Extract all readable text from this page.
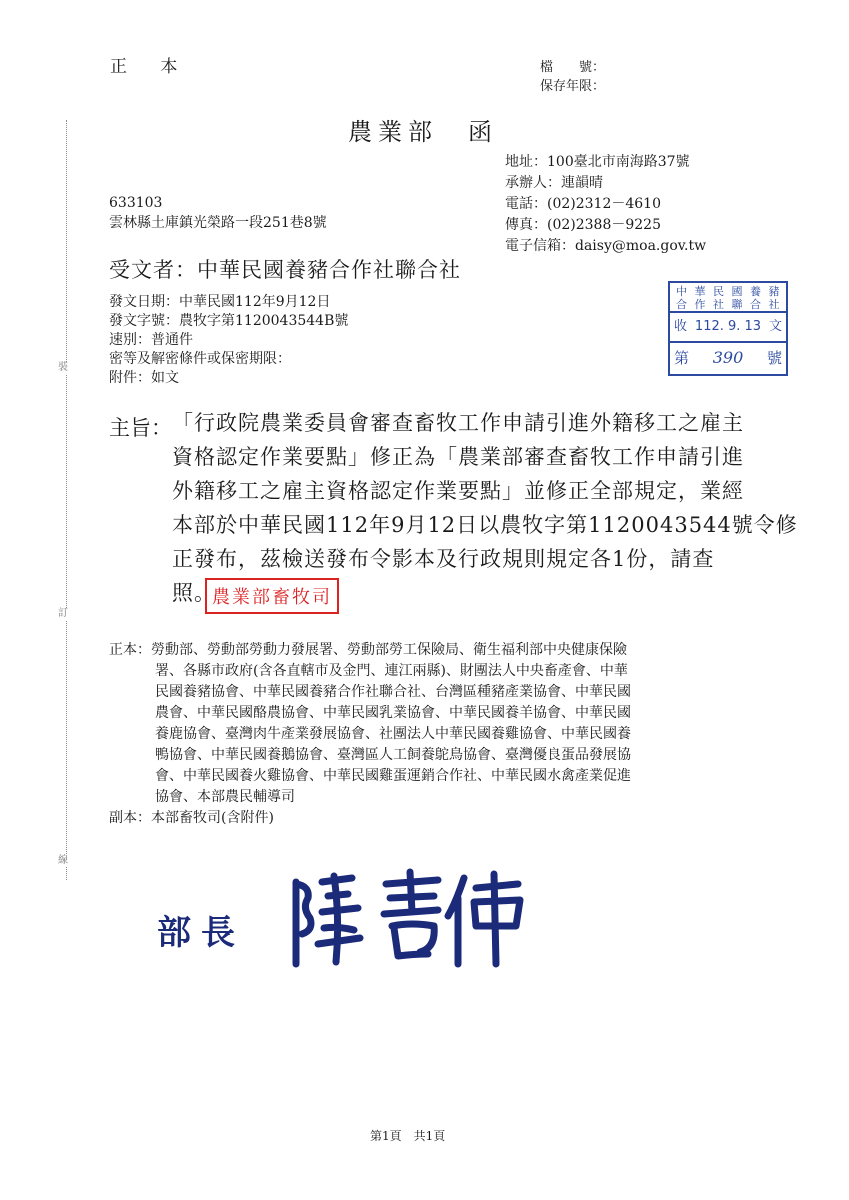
正 本	檔　　號：
保存年限：
裝
訂
線
農業部　函
地址：100臺北市南海路37號
承辦人：連韻晴
電話：(02)2312－4610
傳真：(02)2388－9225
電子信箱：daisy@moa.gov.tw
633103
雲林縣土庫鎮光榮路一段251巷8號
受文者：中華民國養豬合作社聯合社
發文日期：中華民國112年9月12日
發文字號：農牧字第1120043544B號
速別：普通件
密等及解密條件或保密期限：
附件：如文
中 華 民 國 養 豬
合 作 社 聯 合 社
收 112. 9. 13 文
第 390 號
主旨： 「行政院農業委員會審查畜牧工作申請引進外籍移工之雇主
資格認定作業要點」修正為「農業部審查畜牧工作申請引進
外籍移工之雇主資格認定作業要點」並修正全部規定，業經
本部於中華民國112年9月12日以農牧字第1120043544號令修
正發布，茲檢送發布令影本及行政規則規定各1份，請查
照。
農業部畜牧司
正本：勞動部、勞動部勞動力發展署、勞動部勞工保險局、衛生福利部中央健康保險
署、各縣市政府(含各直轄市及金門、連江兩縣)、財團法人中央畜產會、中華
民國養豬協會、中華民國養豬合作社聯合社、台灣區種豬產業協會、中華民國
農會、中華民國酪農協會、中華民國乳業協會、中華民國養羊協會、中華民國
養鹿協會、臺灣肉牛產業發展協會、社團法人中華民國養雞協會、中華民國養
鴨協會、中華民國養鵝協會、臺灣區人工飼養鴕鳥協會、臺灣優良蛋品發展協
會、中華民國養火雞協會、中華民國雞蛋運銷合作社、中華民國水禽產業促進
協會、本部農民輔導司
副本：本部畜牧司(含附件)
部長
第1頁　共1頁
